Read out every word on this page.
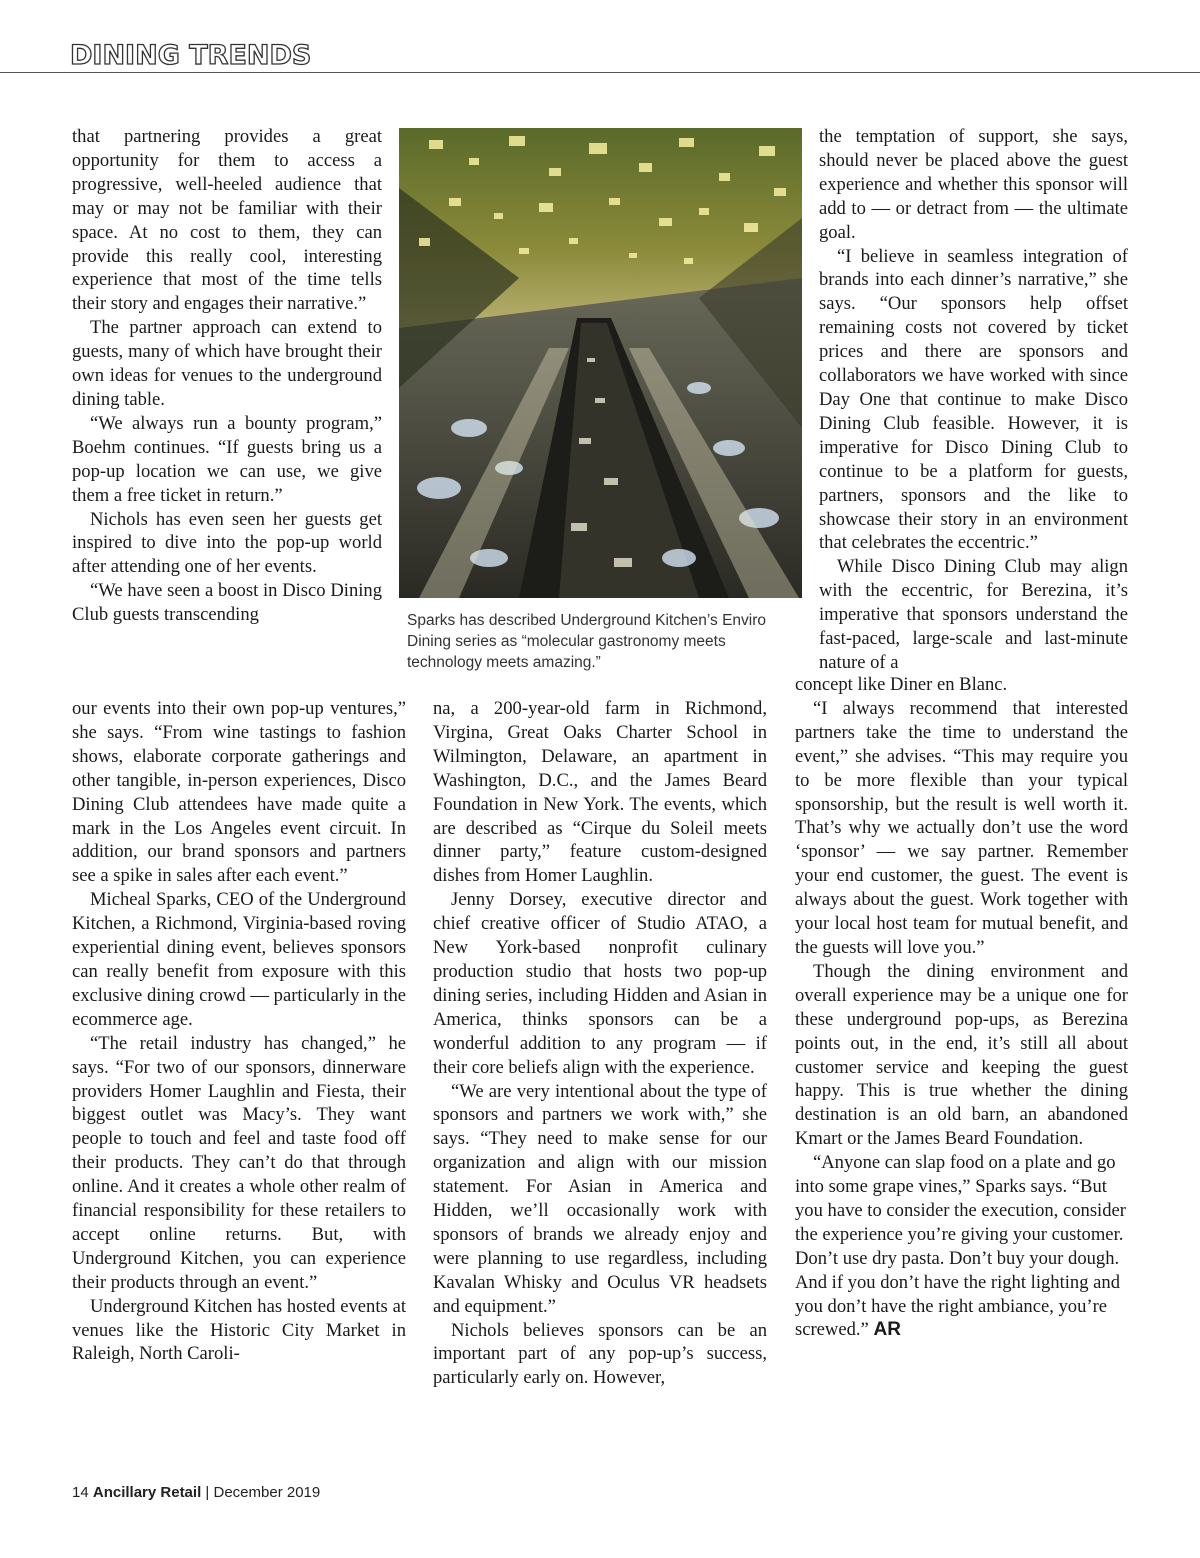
DINING TRENDS

that partnering provides a great opportunity for them to access a progressive, well-heeled audience that may or may not be familiar with their space. At no cost to them, they can provide this really cool, interesting experience that most of the time tells their story and engages their narrative.”

The partner approach can extend to guests, many of which have brought their own ideas for venues to the underground dining table.

“We always run a bounty program,” Boehm continues. “If guests bring us a pop-up location we can use, we give them a free ticket in return.”

Nichols has even seen her guests get inspired to dive into the pop-up world after attending one of her events.

“We have seen a boost in Disco Dining Club guests transcending

our events into their own pop-up ventures,” she says. “From wine tastings to fashion shows, elaborate corporate gatherings and other tangible, in-person experiences, Disco Dining Club attendees have made quite a mark in the Los Angeles event circuit. In addition, our brand sponsors and partners see a spike in sales after each event.”

Micheal Sparks, CEO of the Underground Kitchen, a Richmond, Virginia-based roving experiential dining event, believes sponsors can really benefit from exposure with this exclusive dining crowd — particularly in the ecommerce age.

“The retail industry has changed,” he says. “For two of our sponsors, dinnerware providers Homer Laughlin and Fiesta, their biggest outlet was Macy’s. They want people to touch and feel and taste food off their products. They can’t do that through online. And it creates a whole other realm of financial responsibility for these retailers to accept online returns. But, with Underground Kitchen, you can experience their products through an event.”

Underground Kitchen has hosted events at venues like the Historic City Market in Raleigh, North Caroli-

Sparks has described Underground Kitchen’s Enviro Dining series as “molecular gastronomy meets technology meets amazing.”

na, a 200-year-old farm in Richmond, Virgina, Great Oaks Charter School in Wilmington, Delaware, an apartment in Washington, D.C., and the James Beard Foundation in New York. The events, which are described as “Cirque du Soleil meets dinner party,” feature custom-designed dishes from Homer Laughlin.

Jenny Dorsey, executive director and chief creative officer of Studio ATAO, a New York-based nonprofit culinary production studio that hosts two pop-up dining series, including Hidden and Asian in America, thinks sponsors can be a wonderful addition to any program — if their core beliefs align with the experience.

“We are very intentional about the type of sponsors and partners we work with,” she says. “They need to make sense for our organization and align with our mission statement. For Asian in America and Hidden, we’ll occasionally work with sponsors of brands we already enjoy and were planning to use regardless, including Kavalan Whisky and Oculus VR headsets and equipment.”

Nichols believes sponsors can be an important part of any pop-up’s success, particularly early on. However,

the temptation of support, she says, should never be placed above the guest experience and whether this sponsor will add to — or detract from — the ultimate goal.

“I believe in seamless integration of brands into each dinner’s narrative,” she says. “Our sponsors help offset remaining costs not covered by ticket prices and there are sponsors and collaborators we have worked with since Day One that continue to make Disco Dining Club feasible. However, it is imperative for Disco Dining Club to continue to be a platform for guests, partners, sponsors and the like to showcase their story in an environment that celebrates the eccentric.”

While Disco Dining Club may align with the eccentric, for Berezina, it’s imperative that sponsors understand the fast-paced, large-scale and last-minute nature of a

concept like Diner en Blanc.

“I always recommend that interested partners take the time to understand the event,” she advises. “This may require you to be more flexible than your typical sponsorship, but the result is well worth it. That’s why we actually don’t use the word ‘sponsor’ — we say partner. Remember your end customer, the guest. The event is always about the guest. Work together with your local host team for mutual benefit, and the guests will love you.”

Though the dining environment and overall experience may be a unique one for these underground pop-ups, as Berezina points out, in the end, it’s still all about customer service and keeping the guest happy. This is true whether the dining destination is an old barn, an abandoned Kmart or the James Beard Foundation.

“Anyone can slap food on a plate and go into some grape vines,” Sparks says. “But you have to consider the execution, consider the experience you’re giving your customer. Don’t use dry pasta. Don’t buy your dough. And if you don’t have the right lighting and you don’t have the right ambiance, you’re screwed.” AR

14 Ancillary Retail | December 2019
